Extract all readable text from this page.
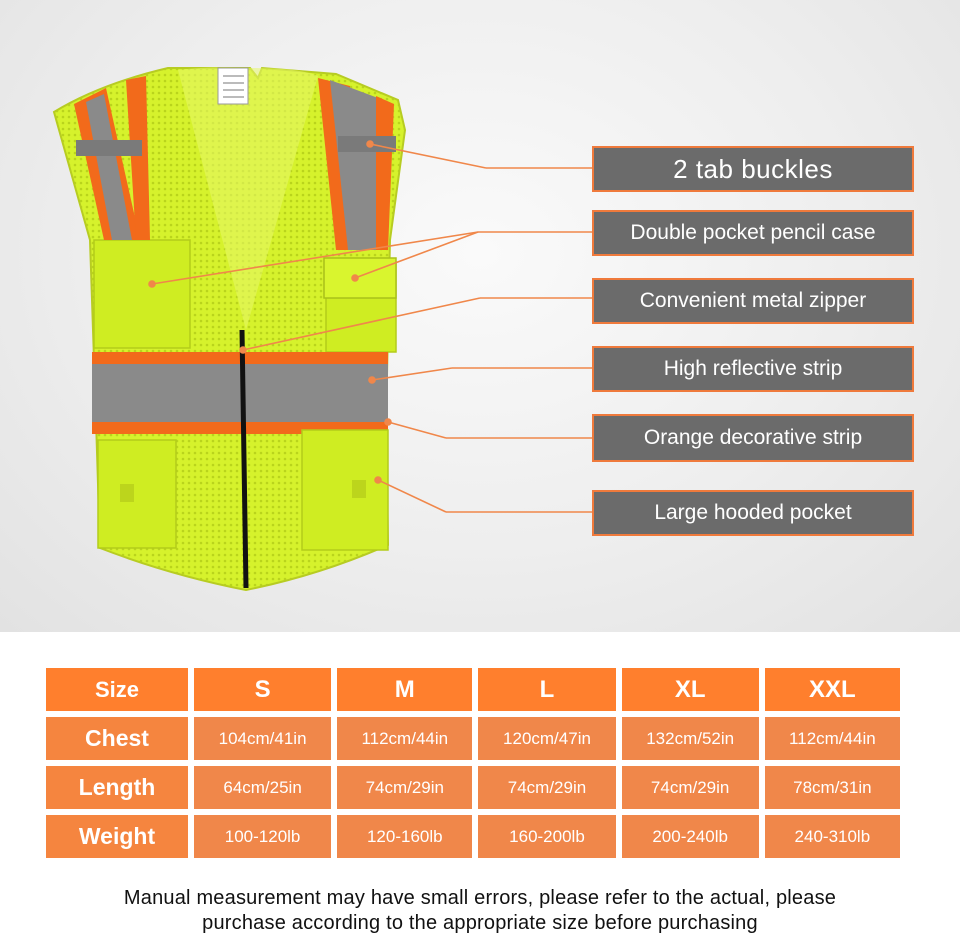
2 tab buckles
Double pocket pencil case
Convenient metal zipper
High reflective strip
Orange decorative strip
Large hooded pocket
Size	S	M	L	XL	XXL
Chest	104cm/41in	112cm/44in	120cm/47in	132cm/52in	112cm/44in
Length	64cm/25in	74cm/29in	74cm/29in	74cm/29in	78cm/31in
Weight	100-120lb	120-160lb	160-200lb	200-240lb	240-310lb
Manual measurement may have small errors, please refer to the actual, please
purchase according to the appropriate size before purchasing
